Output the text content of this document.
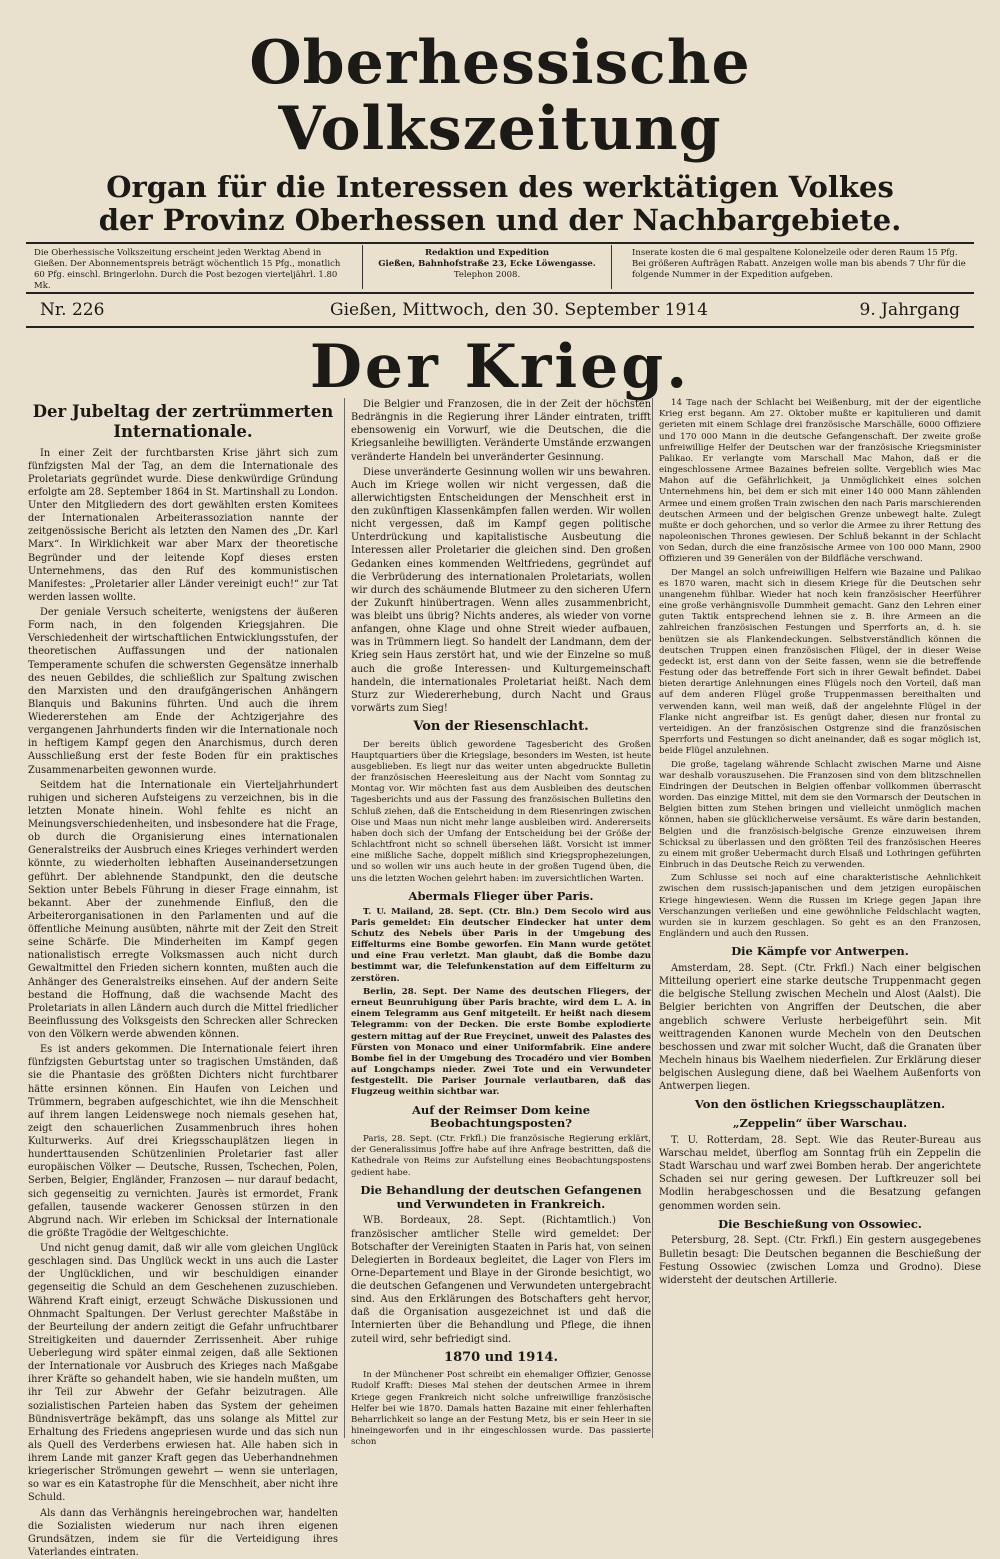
Oberhessische Volkszeitung
Organ für die Interessen des werktätigen Volkes
der Provinz Oberhessen und der Nachbargebiete.
Die Oberhessische Volkszeitung erscheint jeden Werktag Abend in Gießen. Der Abonnementspreis beträgt wöchentlich 15 Pfg., monatlich 60 Pfg. einschl. Bringerlohn. Durch die Post bezogen vierteljährl. 1.80 Mk.
Redaktion und Expedition
Gießen, Bahnhofstraße 23, Ecke Löwengasse.
Telephon 2008.
Inserate kosten die 6 mal gespaltene Kolonelzeile oder deren Raum 15 Pfg. Bei größeren Aufträgen Rabatt. Anzeigen wolle man bis abends 7 Uhr für die folgende Nummer in der Expedition aufgeben.
Nr. 226	Gießen, Mittwoch, den 30. September 1914	9. Jahrgang
Der Krieg.
Der Jubeltag der zertrümmerten Internationale.

In einer Zeit der furchtbarsten Krise jährt sich zum fünfzigsten Mal der Tag, an dem die Internationale des Proletariats gegründet wurde. Diese denkwürdige Gründung erfolgte am 28. September 1864 in St. Martinshall zu London. Unter den Mitgliedern des dort gewählten ersten Komitees der Internationalen Arbeiterassoziation nannte der zeitgenössische Bericht als letzten den Namen des „Dr. Karl Marx“. In Wirklichkeit war aber Marx der theoretische Begründer und der leitende Kopf dieses ersten Unternehmens, das den Ruf des kommunistischen Manifestes: „Proletarier aller Länder vereinigt euch!“ zur Tat werden lassen wollte.

Der geniale Versuch scheiterte, wenigstens der äußeren Form nach, in den folgenden Kriegsjahren. Die Verschiedenheit der wirtschaftlichen Entwicklungsstufen, der theoretischen Auffassungen und der nationalen Temperamente schufen die schwersten Gegensätze innerhalb des neuen Gebildes, die schließlich zur Spaltung zwischen den Marxisten und den draufgängerischen Anhängern Blanquis und Bakunins führten. Und auch die ihrem Wiedererstehen am Ende der Achtzigerjahre des vergangenen Jahrhunderts finden wir die Internationale noch in heftigem Kampf gegen den Anarchismus, durch deren Ausschließung erst der feste Boden für ein praktisches Zusammenarbeiten gewonnen wurde.

Seitdem hat die Internationale ein Vierteljahrhundert ruhigen und sicheren Aufsteigens zu verzeichnen, bis in die letzten Monate hinein. Wohl fehlte es nicht an Meinungsverschiedenheiten, und insbesondere hat die Frage, ob durch die Organisierung eines internationalen Generalstreiks der Ausbruch eines Krieges verhindert werden könnte, zu wiederholten lebhaften Auseinandersetzungen geführt. Der ablehnende Standpunkt, den die deutsche Sektion unter Bebels Führung in dieser Frage einnahm, ist bekannt. Aber der zunehmende Einfluß, den die Arbeiterorganisationen in den Parlamenten und auf die öffentliche Meinung ausübten, nährte mit der Zeit den Streit seine Schärfe. Die Minderheiten im Kampf gegen nationalistisch erregte Volksmassen auch nicht durch Gewaltmittel den Frieden sichern konnten, mußten auch die Anhänger des Generalstreiks einsehen. Auf der andern Seite bestand die Hoffnung, daß die wachsende Macht des Proletariats in allen Ländern auch durch die Mittel friedlicher Beeinflussung des Volksgeists den Schrecken aller Schrecken von den Völkern werde abwenden können.

Es ist anders gekommen. Die Internationale feiert ihren fünfzigsten Geburtstag unter so tragischen Umständen, daß sie die Phantasie des größten Dichters nicht furchtbarer hätte ersinnen können. Ein Haufen von Leichen und Trümmern, begraben aufgeschichtet, wie ihn die Menschheit auf ihrem langen Leidenswege noch niemals gesehen hat, zeigt den schauerlichen Zusammenbruch ihres hohen Kulturwerks. Auf drei Kriegsschauplätzen liegen in hunderttausenden Schützenlinien Proletarier fast aller europäischen Völker — Deutsche, Russen, Tschechen, Polen, Serben, Belgier, Engländer, Franzosen — nur darauf bedacht, sich gegenseitig zu vernichten. Jaurès ist ermordet, Frank gefallen, tausende wackerer Genossen stürzen in den Abgrund nach. Wir erleben im Schicksal der Internationale die größte Tragödie der Weltgeschichte.

Und nicht genug damit, daß wir alle vom gleichen Unglück geschlagen sind. Das Unglück weckt in uns auch die Laster der Unglücklichen, und wir beschuldigen einander gegenseitig die Schuld an dem Geschehenen zuzuschieben. Während Kraft einigt, erzeugt Schwäche Diskussionen und Ohnmacht Spaltungen. Der Verlust gerechter Maßstäbe in der Beurteilung der andern zeitigt die Gefahr unfruchtbarer Streitigkeiten und dauernder Zerrissenheit. Aber ruhige Ueberlegung wird später einmal zeigen, daß alle Sektionen der Internationale vor Ausbruch des Krieges nach Maßgabe ihrer Kräfte so gehandelt haben, wie sie handeln mußten, um ihr Teil zur Abwehr der Gefahr beizutragen. Alle sozialistischen Parteien haben das System der geheimen Bündnisverträge bekämpft, das uns solange als Mittel zur Erhaltung des Friedens angepriesen wurde und das sich nun als Quell des Verderbens erwiesen hat. Alle haben sich in ihrem Lande mit ganzer Kraft gegen das Ueberhandnehmen kriegerischer Strömungen gewehrt — wenn sie unterlagen, so war es ein Katastrophe für die Menschheit, aber nicht ihre Schuld.

Als dann das Verhängnis hereingebrochen war, handelten die Sozialisten wiederum nur nach ihren eigenen Grundsätzen, indem sie für die Verteidigung ihres Vaterlandes eintraten.

Die Belgier und Franzosen, die in der Zeit der höchsten Bedrängnis in die Regierung ihrer Länder eintraten, trifft ebensowenig ein Vorwurf, wie die Deutschen, die die Kriegsanleihe bewilligten. Veränderte Umstände erzwangen veränderte Handeln bei unveränderter Gesinnung.

Diese unveränderte Gesinnung wollen wir uns bewahren. Auch im Kriege wollen wir nicht vergessen, daß die allerwichtigsten Entscheidungen der Menschheit erst in den zukünftigen Klassenkämpfen fallen werden. Wir wollen nicht vergessen, daß im Kampf gegen politische Unterdrückung und kapitalistische Ausbeutung die Interessen aller Proletarier die gleichen sind. Den großen Gedanken eines kommenden Weltfriedens, gegründet auf die Verbrüderung des internationalen Proletariats, wollen wir durch des schäumende Blutmeer zu den sicheren Ufern der Zukunft hinübertragen. Wenn alles zusammenbricht, was bleibt uns übrig? Nichts anderes, als wieder von vorne anfangen, ohne Klage und ohne Streit wieder aufbauen, was in Trümmern liegt. So handelt der Landmann, dem der Krieg sein Haus zerstört hat, und wie der Einzelne so muß auch die große Interessen- und Kulturgemeinschaft handeln, die internationales Proletariat heißt. Nach dem Sturz zur Wiedererhebung, durch Nacht und Graus vorwärts zum Sieg!

Von der Riesenschlacht.

Der bereits üblich gewordene Tagesbericht des Großen Hauptquartiers über die Kriegslage, besonders im Westen, ist heute ausgeblieben. Es liegt nur das weiter unten abgedruckte Bulletin der französischen Heeresleitung aus der Nacht vom Sonntag zu Montag vor. Wir möchten fast aus dem Ausbleiben des deutschen Tagesberichts und aus der Fassung des französischen Bulletins den Schluß ziehen, daß die Entscheidung in dem Riesenringen zwischen Oise und Maas nun nicht mehr lange ausbleiben wird. Andererseits haben doch sich der Umfang der Entscheidung bei der Größe der Schlachtfront nicht so schnell übersehen läßt. Vorsicht ist immer eine mißliche Sache, doppelt mißlich sind Kriegsprophezeiungen, und so wollen wir uns auch heute in der großen Tugend üben, die uns die letzten Wochen gelehrt haben: im zuversichtlichen Warten.

Abermals Flieger über Paris.

T. U. Mailand, 28. Sept. (Ctr. Bln.) Dem Secolo wird aus Paris gemeldet: Ein deutscher Eindecker hat unter dem Schutz des Nebels über Paris in der Umgebung des Eiffelturms eine Bombe geworfen. Ein Mann wurde getötet und eine Frau verletzt. Man glaubt, daß die Bombe dazu bestimmt war, die Telefunkenstation auf dem Eiffelturm zu zerstören.

Berlin, 28. Sept. Der Name des deutschen Fliegers, der erneut Beunruhigung über Paris brachte, wird dem L. A. in einem Telegramm aus Genf mitgeteilt. Er heißt nach diesem Telegramm: von der Decken. Die erste Bombe explodierte gestern mittag auf der Rue Freycinet, unweit des Palastes des Fürsten von Monaco und einer Uniformfabrik. Eine andere Bombe fiel in der Umgebung des Trocadéro und vier Bomben auf Longchamps nieder. Zwei Tote und ein Verwundeter festgestellt. Die Pariser Journale verlautbaren, daß das Flugzeug weithin sichtbar war.

Auf der Reimser Dom keine Beobachtungsposten?

Paris, 28. Sept. (Ctr. Frkfl.) Die französische Regierung erklärt, der Generalissimus Joffre habe auf ihre Anfrage bestritten, daß die Kathedrale von Reims zur Aufstellung eines Beobachtungspostens gedient habe.

Die Behandlung der deutschen Gefangenen und Verwundeten in Frankreich.

WB. Bordeaux, 28. Sept. (Richtamtlich.) Von französischer amtlicher Stelle wird gemeldet: Der Botschafter der Vereinigten Staaten in Paris hat, von seinen Delegierten in Bordeaux begleitet, die Lager von Flers im Orne-Departement und Blaye in der Gironde besichtigt, wo die deutschen Gefangenen und Verwundeten untergebracht sind. Aus den Erklärungen des Botschafters geht hervor, daß die Organisation ausgezeichnet ist und daß die Internierten über die Behandlung und Pflege, die ihnen zuteil wird, sehr befriedigt sind.

1870 und 1914.

In der Münchener Post schreibt ein ehemaliger Offizier, Genosse Rudolf Krafft: Dieses Mal stehen der deutschen Armee in ihrem Kriege gegen Frankreich nicht solche unfreiwillige französische Helfer bei wie 1870. Damals hatten Bazaine mit einer fehlerhaften Beharrlichkeit so lange an der Festung Metz, bis er sein Heer in sie hineingeworfen und in ihr eingeschlossen wurde. Das passierte schon

14 Tage nach der Schlacht bei Weißenburg, mit der der eigentliche Krieg erst begann. Am 27. Oktober mußte er kapitulieren und damit gerieten mit einem Schlage drei französische Marschälle, 6000 Offiziere und 170 000 Mann in die deutsche Gefangenschaft. Der zweite große unfreiwillige Helfer der Deutschen war der französische Kriegsminister Palikao. Er verlangte vom Marschall Mac Mahon, daß er die eingeschlossene Armee Bazaines befreien sollte. Vergeblich wies Mac Mahon auf die Gefährlichkeit, ja Unmöglichkeit eines solchen Unternehmens hin, bei dem er sich mit einer 140 000 Mann zählenden Armee und einem großen Train zwischen den nach Paris marschierenden deutschen Armeen und der belgischen Grenze unbewegt halte. Zulegt mußte er doch gehorchen, und so verlor die Armee zu ihrer Rettung des napoleonischen Thrones gewiesen. Der Schluß bekannt in der Schlacht von Sedan, durch die eine französische Armee von 100 000 Mann, 2900 Offizieren und 39 Generälen von der Bildfläche verschwand.

Der Mangel an solch unfreiwilligen Helfern wie Bazaine und Palikao es 1870 waren, macht sich in diesem Kriege für die Deutschen sehr unangenehm fühlbar. Wieder hat noch kein französischer Heerführer eine große verhängnisvolle Dummheit gemacht. Ganz den Lehren einer guten Taktik entsprechend lehnen sie z. B. ihre Armeen an die zahlreichen französischen Festungen und Sperrforts an, d. h. sie benützen sie als Flankendeckungen. Selbstverständlich können die deutschen Truppen einen französischen Flügel, der in dieser Weise gedeckt ist, erst dann von der Seite fassen, wenn sie die betreffende Festung oder das betreffende Fort sich in ihrer Gewalt befindet. Dabei bieten derartige Anlehnungen eines Flügels noch den Vorteil, daß man auf dem anderen Flügel große Truppenmassen bereithalten und verwenden kann, weil man weiß, daß der angelehnte Flügel in der Flanke nicht angreifbar ist. Es genügt daher, diesen nur frontal zu verteidigen. An der französischen Ostgrenze sind die französischen Sperrforts und Festungen so dicht aneinander, daß es sogar möglich ist, beide Flügel anzulehnen.

Die große, tagelang währende Schlacht zwischen Marne und Aisne war deshalb vorauszusehen. Die Franzosen sind von dem blitzschnellen Eindringen der Deutschen in Belgien offenbar vollkommen überrascht worden. Das einzige Mittel, mit dem sie den Vormarsch der Deutschen in Belgien bitten zum Stehen bringen und vielleicht unmöglich machen können, haben sie glücklicherweise versäumt. Es wäre darin bestanden, Belgien und die französisch-belgische Grenze einzuweisen ihrem Schicksal zu überlassen und den größten Teil des französischen Heeres zu einem mit großer Uebermacht durch Elsaß und Lothringen geführten Einbruch in das Deutsche Reich zu verwenden.

Zum Schlusse sei noch auf eine charakteristische Aehnlichkeit zwischen dem russisch-japanischen und dem jetzigen europäischen Kriege hingewiesen. Wenn die Russen im Kriege gegen Japan ihre Verschanzungen verließen und eine gewöhnliche Feldschlacht wagten, wurden sie in kurzem geschlagen. So geht es an den Franzosen, Engländern und auch den Russen.

Die Kämpfe vor Antwerpen.

Amsterdam, 28. Sept. (Ctr. Frkfl.) Nach einer belgischen Mitteilung operiert eine starke deutsche Truppenmacht gegen die belgische Stellung zwischen Mecheln und Alost (Aalst). Die Belgier berichten von Angriffen der Deutschen, die aber angeblich schwere Verluste herbeigeführt sein. Mit weittragenden Kanonen wurde Mecheln von den Deutschen beschossen und zwar mit solcher Wucht, daß die Granaten über Mecheln hinaus bis Waelhem niederfielen. Zur Erklärung dieser belgischen Auslegung diene, daß bei Waelhem Außenforts von Antwerpen liegen.

Von den östlichen Kriegsschauplätzen.
„Zeppelin“ über Warschau.

T. U. Rotterdam, 28. Sept. Wie das Reuter-Bureau aus Warschau meldet, überflog am Sonntag früh ein Zeppelin die Stadt Warschau und warf zwei Bomben herab. Der angerichtete Schaden sei nur gering gewesen. Der Luftkreuzer soll bei Modlin herabgeschossen und die Besatzung gefangen genommen worden sein.

Die Beschießung von Ossowiec.

Petersburg, 28. Sept. (Ctr. Frkfl.) Ein gestern ausgegebenes Bulletin besagt: Die Deutschen begannen die Beschießung der Festung Ossowiec (zwischen Lomza und Grodno). Diese widersteht der deutschen Artillerie.
